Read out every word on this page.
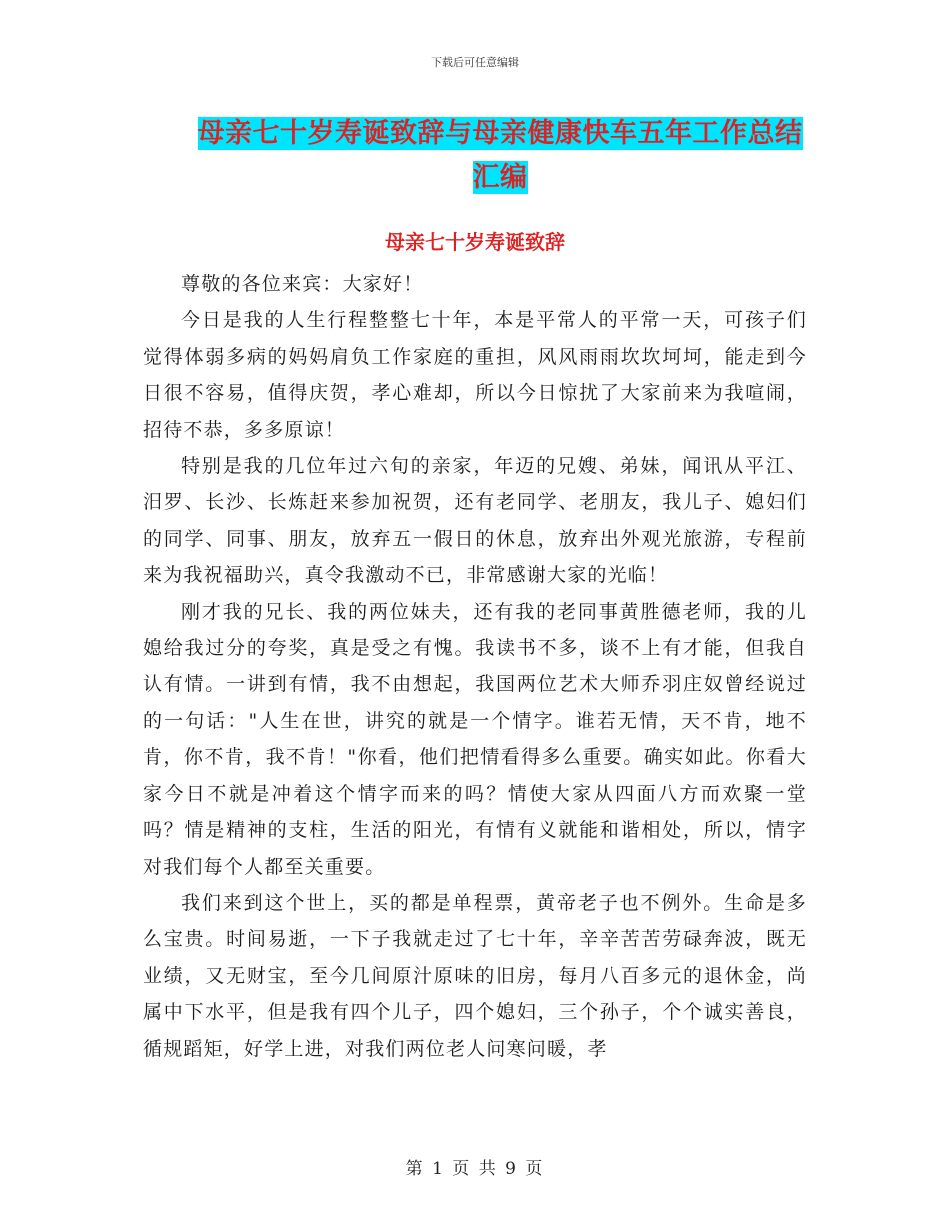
下载后可任意编辑
母亲七十岁寿诞致辞与母亲健康快车五年工作总结汇编
母亲七十岁寿诞致辞

尊敬的各位来宾：大家好！

今日是我的人生行程整整七十年，本是平常人的平常一天，可孩子们觉得体弱多病的妈妈肩负工作家庭的重担，风风雨雨坎坎坷坷，能走到今日很不容易，值得庆贺，孝心难却，所以今日惊扰了大家前来为我喧闹，招待不恭，多多原谅！

特别是我的几位年过六旬的亲家，年迈的兄嫂、弟妹，闻讯从平江、汨罗、长沙、长炼赶来参加祝贺，还有老同学、老朋友，我儿子、媳妇们的同学、同事、朋友，放弃五一假日的休息，放弃出外观光旅游，专程前来为我祝福助兴，真令我激动不已，非常感谢大家的光临！

刚才我的兄长、我的两位妹夫，还有我的老同事黄胜德老师，我的儿媳给我过分的夸奖，真是受之有愧。我读书不多，谈不上有才能，但我自认有情。一讲到有情，我不由想起，我国两位艺术大师乔羽庄奴曾经说过的一句话："人生在世，讲究的就是一个情字。谁若无情，天不肯，地不肯，你不肯，我不肯！"你看，他们把情看得多么重要。确实如此。你看大家今日不就是冲着这个情字而来的吗？情使大家从四面八方而欢聚一堂吗？情是精神的支柱，生活的阳光，有情有义就能和谐相处，所以，情字对我们每个人都至关重要。

我们来到这个世上，买的都是单程票，黄帝老子也不例外。生命是多么宝贵。时间易逝，一下子我就走过了七十年，辛辛苦苦劳碌奔波，既无业绩，又无财宝，至今几间原汁原味的旧房，每月八百多元的退休金，尚属中下水平，但是我有四个儿子，四个媳妇，三个孙子，个个诚实善良，循规蹈矩，好学上进，对我们两位老人问寒问暖，孝

第 1 页 共 9 页
